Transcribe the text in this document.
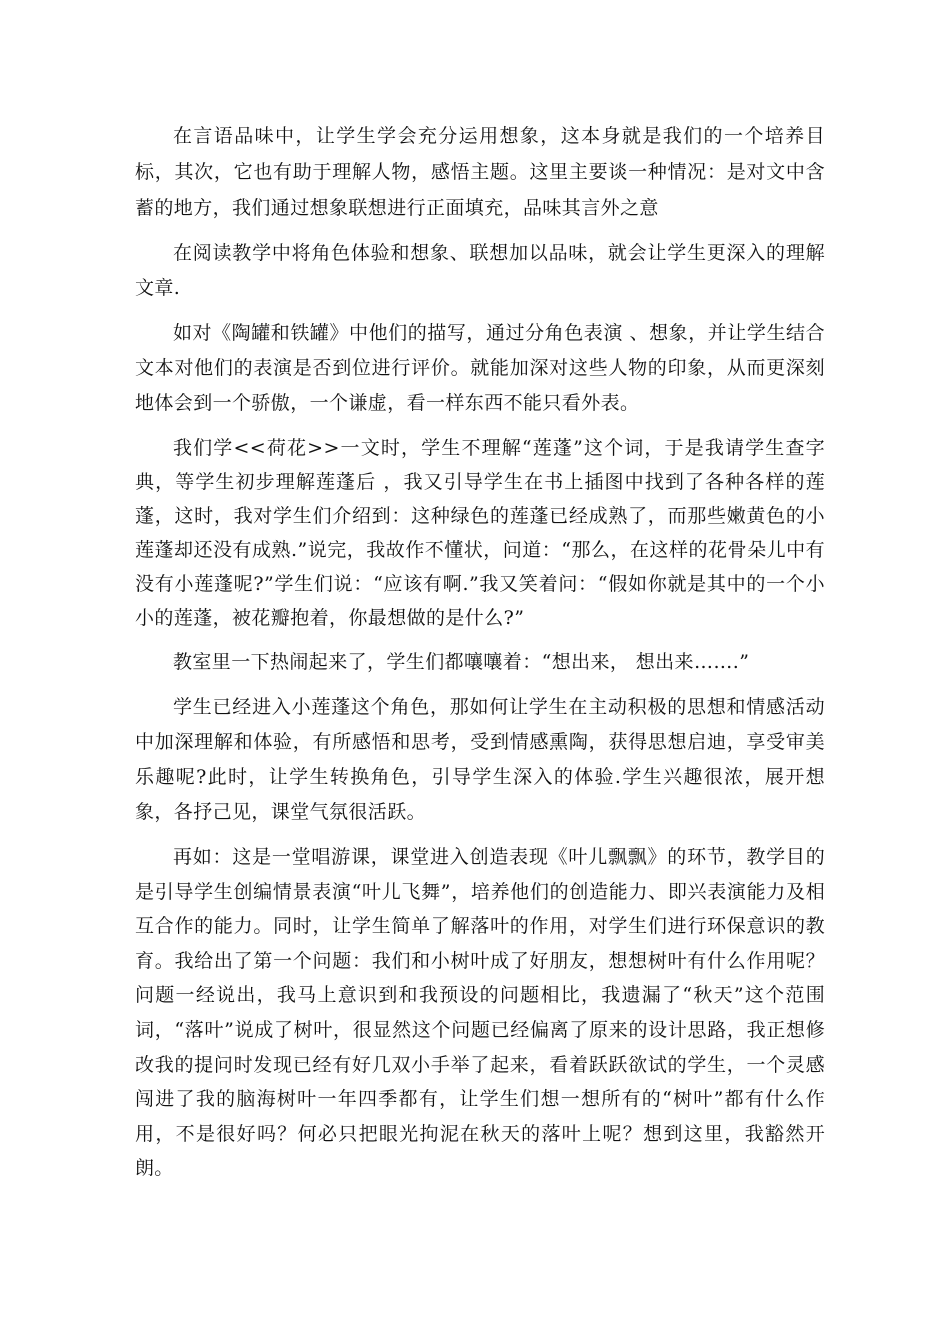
在言语品味中，让学生学会充分运用想象，这本身就是我们的一个培养目标，其次，它也有助于理解人物，感悟主题。这里主要谈一种情况：是对文中含蓄的地方，我们通过想象联想进行正面填充，品味其言外之意

在阅读教学中将角色体验和想象、联想加以品味，就会让学生更深入的理解文章.

如对《陶罐和铁罐》中他们的描写，通过分角色表演 、想象，并让学生结合文本对他们的表演是否到位进行评价。就能加深对这些人物的印象，从而更深刻地体会到一个骄傲，一个谦虚，看一样东西不能只看外表。

我们学<<荷花>>一文时，学生不理解“莲蓬”这个词，于是我请学生查字典，等学生初步理解莲蓬后 ，我又引导学生在书上插图中找到了各种各样的莲蓬，这时，我对学生们介绍到：这种绿色的莲蓬已经成熟了，而那些嫩黄色的小莲蓬却还没有成熟.”说完，我故作不懂状，问道：“那么，在这样的花骨朵儿中有没有小莲蓬呢?”学生们说：“应该有啊.”我又笑着问：“假如你就是其中的一个小小的莲蓬，被花瓣抱着，你最想做的是什么?”

教室里一下热闹起来了，学生们都嚷嚷着：“想出来， 想出来…….”

学生已经进入小莲蓬这个角色，那如何让学生在主动积极的思想和情感活动中加深理解和体验，有所感悟和思考，受到情感熏陶，获得思想启迪，享受审美乐趣呢?此时，让学生转换角色，引导学生深入的体验.学生兴趣很浓，展开想象，各抒己见，课堂气氛很活跃。

再如：这是一堂唱游课，课堂进入创造表现《叶儿飘飘》的环节，教学目的是引导学生创编情景表演“叶儿飞舞”，培养他们的创造能力、即兴表演能力及相互合作的能力。同时，让学生简单了解落叶的作用，对学生们进行环保意识的教育。我给出了第一个问题：我们和小树叶成了好朋友，想想树叶有什么作用呢？问题一经说出，我马上意识到和我预设的问题相比，我遗漏了“秋天”这个范围词，“落叶”说成了树叶，很显然这个问题已经偏离了原来的设计思路，我正想修改我的提问时发现已经有好几双小手举了起来，看着跃跃欲试的学生，一个灵感闯进了我的脑海树叶一年四季都有，让学生们想一想所有的“树叶”都有什么作用，不是很好吗？何必只把眼光拘泥在秋天的落叶上呢？想到这里，我豁然开朗。
